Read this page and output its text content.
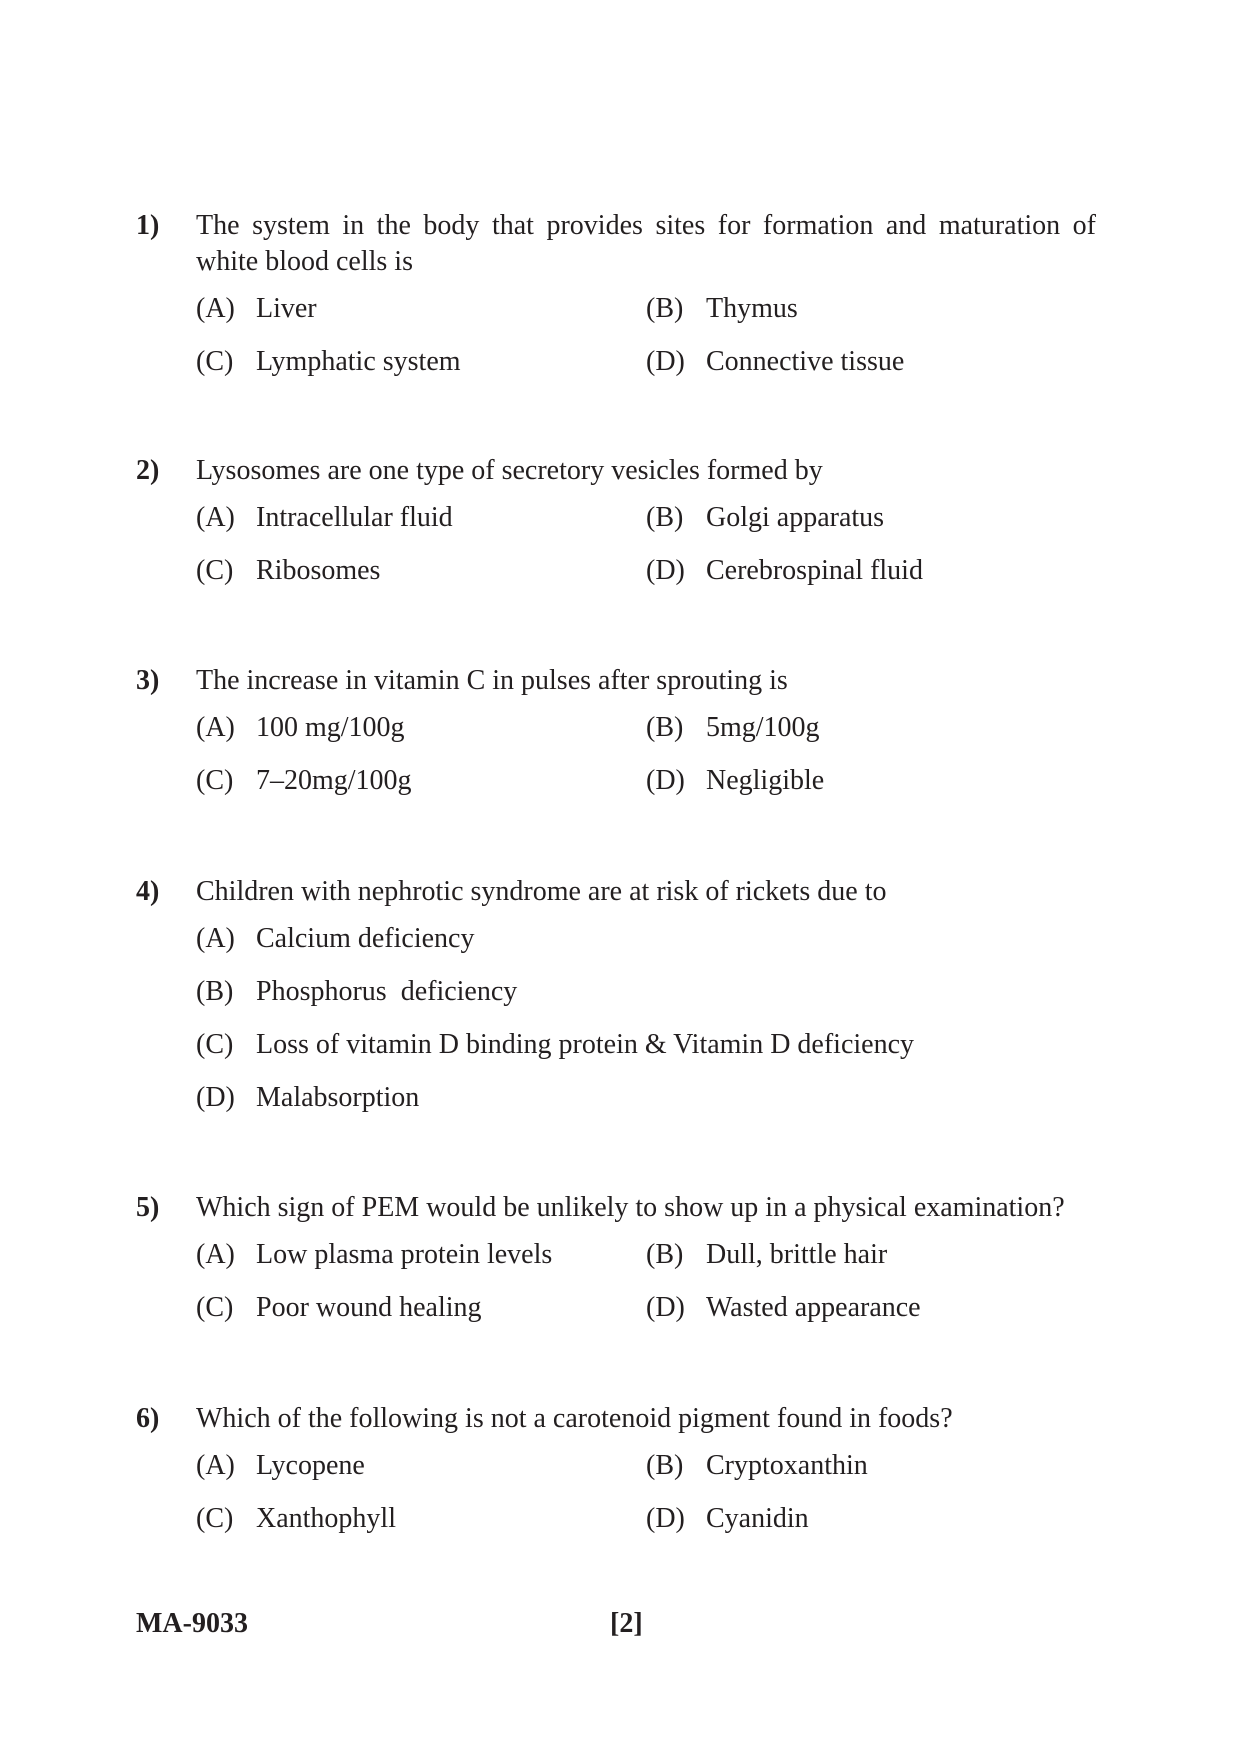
1) The system in the body that provides sites for formation and maturation of white blood cells is
(A) Liver	(B) Thymus
(C) Lymphatic system	(D) Connective tissue
2) Lysosomes are one type of secretory vesicles formed by
(A) Intracellular fluid	(B) Golgi apparatus
(C) Ribosomes	(D) Cerebrospinal fluid
3) The increase in vitamin C in pulses after sprouting is
(A) 100 mg/100g	(B) 5mg/100g
(C) 7–20mg/100g	(D) Negligible
4) Children with nephrotic syndrome are at risk of rickets due to
(A) Calcium deficiency
(B) Phosphorus  deficiency
(C) Loss of vitamin D binding protein & Vitamin D deficiency
(D) Malabsorption
5) Which sign of PEM would be unlikely to show up in a physical examination?
(A) Low plasma protein levels	(B) Dull, brittle hair
(C) Poor wound healing	(D) Wasted appearance
6) Which of the following is not a carotenoid pigment found in foods?
(A) Lycopene	(B) Cryptoxanthin
(C) Xanthophyll	(D) Cyanidin
MA-9033	[2]
